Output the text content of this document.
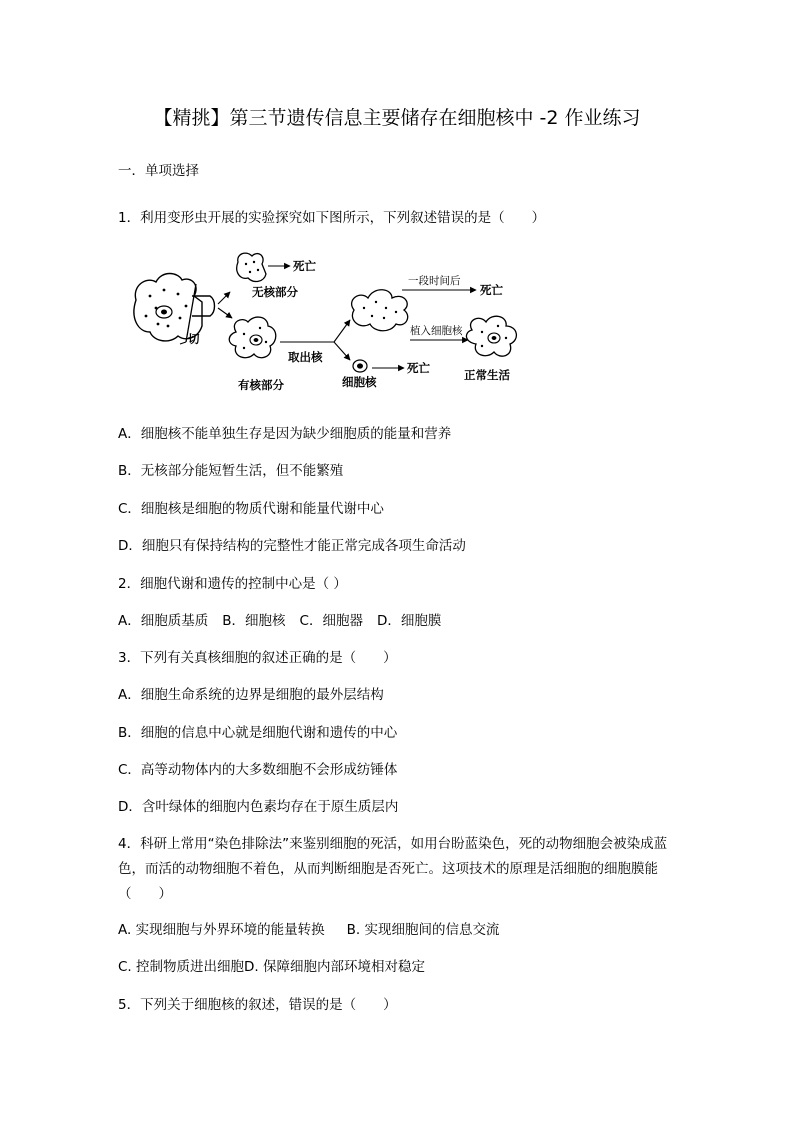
【精挑】第三节遗传信息主要储存在细胞核中 -2 作业练习
一．单项选择
1．利用变形虫开展的实验探究如下图所示，下列叙述错误的是（　　）
切
死亡
无核部分
有核部分
取出核
一段时间后
死亡
植入细胞核
正常生活
死亡
细胞核
A．细胞核不能单独生存是因为缺少细胞质的能量和营养
B．无核部分能短暂生活，但不能繁殖
C．细胞核是细胞的物质代谢和能量代谢中心
D．细胞只有保持结构的完整性才能正常完成各项生命活动
2．细胞代谢和遗传的控制中心是（ ）
A．细胞质基质 B．细胞核 C．细胞器 D．细胞膜
3．下列有关真核细胞的叙述正确的是（　　）
A．细胞生命系统的边界是细胞的最外层结构
B．细胞的信息中心就是细胞代谢和遗传的中心
C．高等动物体内的大多数细胞不会形成纺锤体
D．含叶绿体的细胞内色素均存在于原生质层内
4．科研上常用“染色排除法”来鉴别细胞的死活，如用台盼蓝染色，死的动物细胞会被染成蓝色，而活的动物细胞不着色，从而判断细胞是否死亡。这项技术的原理是活细胞的细胞膜能（　　）
A. 实现细胞与外界环境的能量转换 B. 实现细胞间的信息交流
C. 控制物质进出细胞D. 保障细胞内部环境相对稳定
5．下列关于细胞核的叙述，错误的是（　　）
